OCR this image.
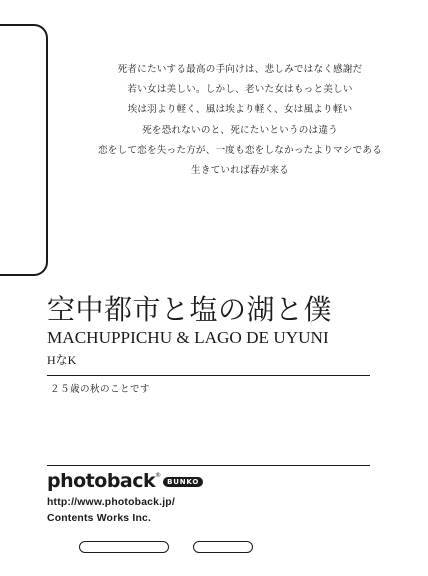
死者にたいする最高の手向けは、悲しみではなく感謝だ
若い女は美しい。しかし、老いた女はもっと美しい
埃は羽より軽く、風は埃より軽く、女は風より軽い
死を恐れないのと、死にたいというのは違う
恋をして恋を失った方が、一度も恋をしなかったよりマシである
生きていれば春が来る
空中都市と塩の湖と僕
MACHUPPICHU & LAGO DE UYUNI
HなK
２５歳の秋のことです
photoback®BUNKO
http://www.photoback.jp/
Contents Works Inc.
